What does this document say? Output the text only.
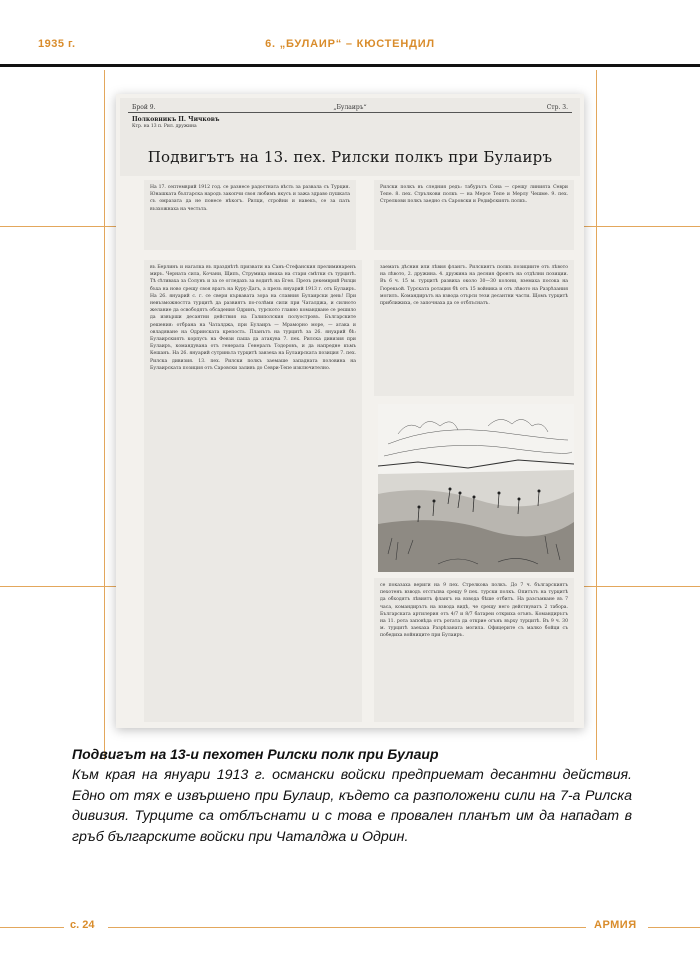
1935 г.	6. „БУЛАИР“ – КЮСТЕНДИЛ
Брой 9.	„Булаиръ“	Стр. 3.
Полковникъ П. Чичковъ
Ктр. на 13 п. Рил. дружина
Подвигътъ на 13. пех. Рилски полкъ при Булаиръ
На 17. септемврий 1912 год. се разнесе радостната вѣсть за развала съ Турция. Юнашката българска народъ закопчи своя любимъ вкусъ и зажа здраво пушката съ омразата да не понесе нѣкогъ. Рилци, стройни и навекъ, се за пать възхожнаха на честьта.
Рилски полкъ въ следния редъ: табурътъ Сона — срещу линията Севри Тепе. 8. пех. Стрълкови полкъ — на Мерсе Тепе и Мерлу Чешме. 9. пех. Стрелкови полкъ заедно съ Саровски и Редифскиятъ полкъ.
въ Берлинъ и нагалка въ празднѣтѣ призвати на Санъ-Стефанския прелиминаренъ миръ. Черната сила, Кочани, Щипъ, Струмица имаха на стари смѣтки съ турцитѣ. Тѣ сѣтиваха за Солунъ и за се огледахъ за водитѣ на Егея. Презъ декемврий Рилци бъха на ново срещу своя врагъ на Куру-Дагъ, а презъ януарий 1913 г. отъ Булаиръ. На 26. януарий с. г. се свери кървавата зора на славния Булаирски день! При невъзможността турцитѣ да развиятъ по-голѣми сили при Чаталджа, и силното желание да освободятъ обсадения Одринъ, турското главно командване се решило да извърши десантни действия на Галиполския полуостровъ. Българските решения: отбрана на Чаталджа, при Булаиръ — Мраморно море, — атака и овладяване на Одринската крепость. Планътъ на турцитѣ за 26. януарий бѣ: Булаирскиятъ корпусъ на Февзи паша да атакува 7. пех. Рилска дивизия при Булаиръ, командувана отъ генерала Генералъ Тодоровъ, и да напредне къмъ Кешанъ. На 26. януарий сутриньта турцитѣ завзеха на Булаирската позиция 7. пех. Рилска дивизия. 13. пех. Рилски полкъ заемаше западната половина на Булаирската позиция отъ Саровски заливъ до Севри-Тепе изключително.
заемать дѣсния или лѣвия флангъ. Рилскиятъ полкъ позициите отъ лѣвото на лѣвото, 2. дружина. 4. дружина на десния фронтъ на отдѣлни позиции. Въ 6 ч. 15 м. турцитѣ развиха около 30—30 колони, вземаха посока на Гюрекьой. Турската ротация бѣ отъ 15 войника и отъ лѣвото на Разрѣзания могилъ. Командирътъ на взвода отърси тези десантни части. Щомъ турцитѣ приближиха, се започнаха да се отблъснатъ.
се показаха вериги на 9 пех. Стрелкова полкъ. До 7 ч. българскиятъ пехотенъ взводъ отстъпва срещу 9 пех. турски полкъ. Опитътъ на турцитѣ да обходятъ лѣвиятъ флангъ на взвода бѣше отбитъ. На разсъмване въ 7 часа, командирътъ на взвода видѣ, че срещу него действуватъ 2 табора. Българската артилерия отъ 4/7 и 8/7 батареи откриха огънъ. Командирътъ на 11. рота заповѣда отъ ротата да открие огънъ върху турцитѣ. Въ 9 ч. 30 м. турцитѣ заехаха Разрѣзаната могила. Офицерите съ малко бойци съ победиха войниците при Булаиръ.
Подвигът на 13-и пехотен Рилски полк при Булаир
Към края на януари 1913 г. османски войски предприемат десантни действия. Едно от тях е извършено при Булаир, където са разположени сили на 7-а Рилска дивизия. Турците са отблъснати и с това е провален планът им да нападат в гръб българските войски при Чаталджа и Одрин.
с. 24	АРМИЯ
